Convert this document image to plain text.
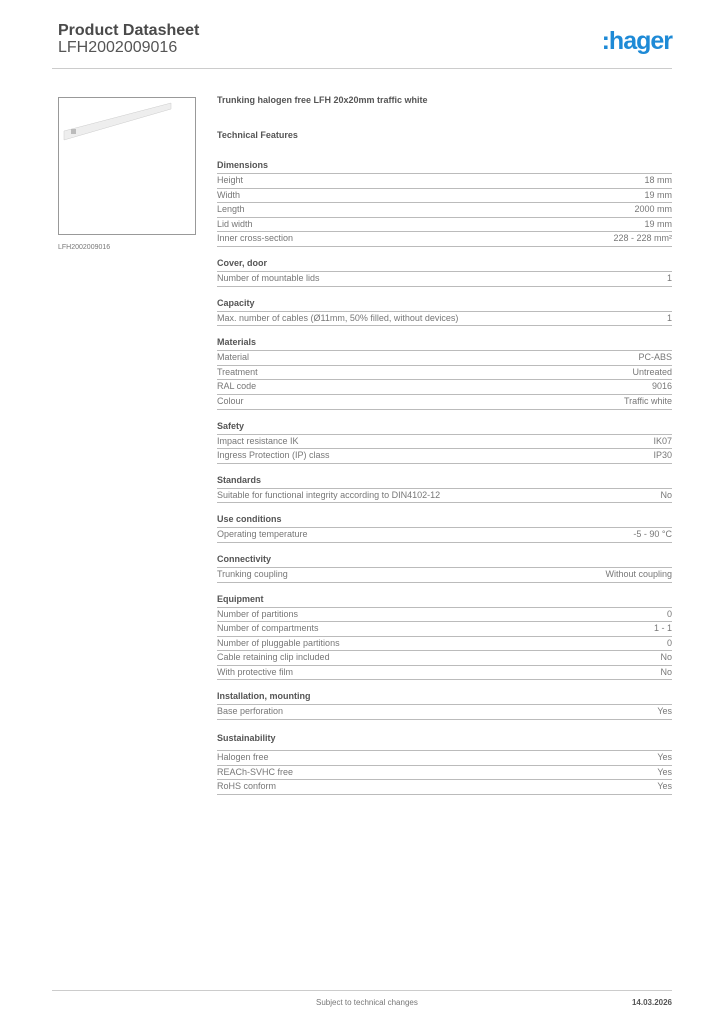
Product Datasheet
LFH2002009016	:hager
LFH2002009016
Trunking halogen free LFH 20x20mm traffic white
Technical Features
Dimensions
Height	18 mm
Width	19 mm
Length	2000 mm
Lid width	19 mm
Inner cross-section	228 - 228 mm²
Cover, door
Number of mountable lids	1
Capacity
Max. number of cables (Ø11mm, 50% filled, without devices)	1
Materials
Material	PC-ABS
Treatment	Untreated
RAL code	9016
Colour	Traffic white
Safety
Impact resistance IK	IK07
Ingress Protection (IP) class	IP30
Standards
Suitable for functional integrity according to DIN4102-12	No
Use conditions
Operating temperature	-5 - 90 °C
Connectivity
Trunking coupling	Without coupling
Equipment
Number of partitions	0
Number of compartments	1 - 1
Number of pluggable partitions	0
Cable retaining clip included	No
With protective film	No
Installation, mounting
Base perforation	Yes
Sustainability
Halogen free	Yes
REACh-SVHC free	Yes
RoHS conform	Yes
Subject to technical changes	14.03.2026
